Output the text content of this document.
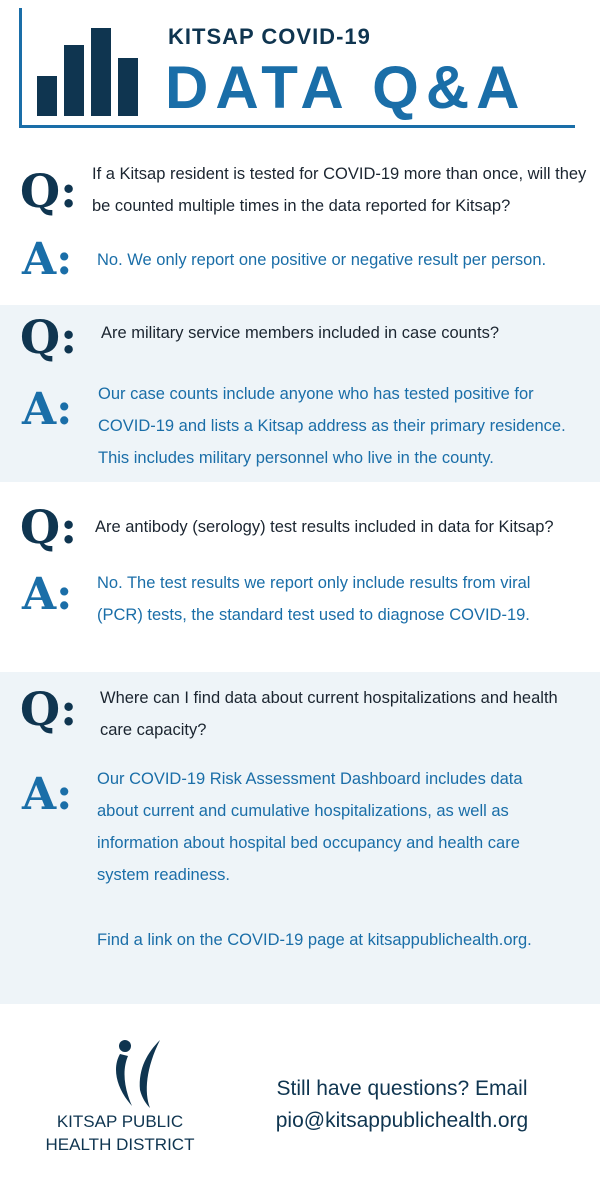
KITSAP COVID-19
DATA Q&A
Q: If a Kitsap resident is tested for COVID-19 more than once, will they be counted multiple times in the data reported for Kitsap?
A: No. We only report one positive or negative result per person.
Q: Are military service members included in case counts?
A: Our case counts include anyone who has tested positive for COVID-19 and lists a Kitsap address as their primary residence. This includes military personnel who live in the county.
Q: Are antibody (serology) test results included in data for Kitsap?
A: No. The test results we report only include results from viral (PCR) tests, the standard test used to diagnose COVID-19.
Q: Where can I find data about current hospitalizations and health care capacity?
A: Our COVID-19 Risk Assessment Dashboard includes data about current and cumulative hospitalizations, as well as information about hospital bed occupancy and health care system readiness.
Find a link on the COVID-19 page at kitsappublichealth.org.
KITSAP PUBLIC
HEALTH DISTRICT
Still have questions? Email
pio@kitsappublichealth.org
